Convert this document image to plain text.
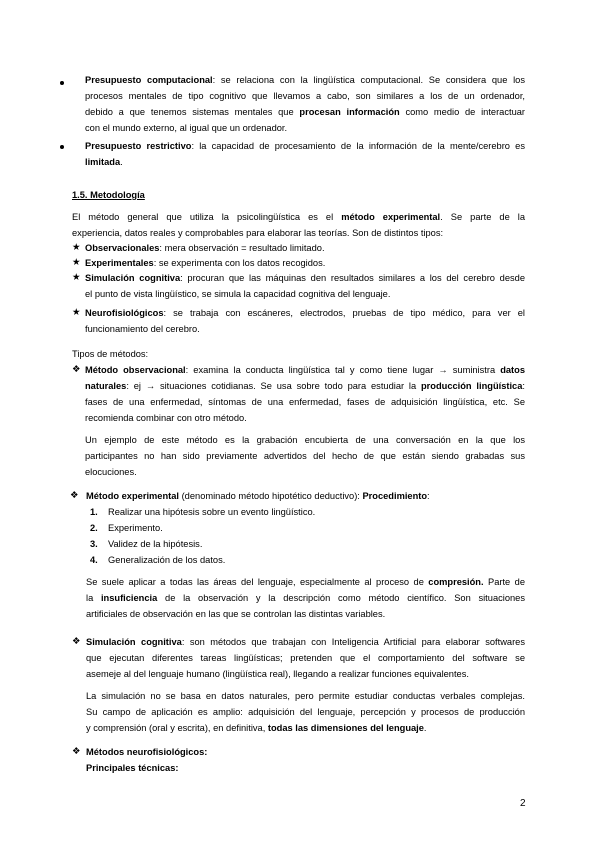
Presupuesto computacional: se relaciona con la lingüística computacional. Se considera que los
procesos mentales de tipo cognitivo que llevamos a cabo, son similares a los de un ordenador,
debido a que tenemos sistemas mentales que procesan información como medio de interactuar
con el mundo externo, al igual que un ordenador.
Presupuesto restrictivo: la capacidad de procesamiento de la información de la mente/cerebro es
limitada.
1.5. Metodología
El método general que utiliza la psicolingüística es el método experimental. Se parte de la
experiencia, datos reales y comprobables para elaborar las teorías. Son de distintos tipos:
★ Observacionales: mera observación = resultado limitado.
★ Experimentales: se experimenta con los datos recogidos.
★ Simulación cognitiva: procuran que las máquinas den resultados similares a los del cerebro desde
el punto de vista lingüístico, se simula la capacidad cognitiva del lenguaje.
★ Neurofisiológicos: se trabaja con escáneres, electrodos, pruebas de tipo médico, para ver el
funcionamiento del cerebro.
Tipos de métodos:
❖ Método observacional: examina la conducta lingüística tal y como tiene lugar → suministra datos
naturales: ej → situaciones cotidianas. Se usa sobre todo para estudiar la producción lingüística:
fases de una enfermedad, síntomas de una enfermedad, fases de adquisición lingüística, etc. Se
recomienda combinar con otro método.
Un ejemplo de este método es la grabación encubierta de una conversación en la que los
participantes no han sido previamente advertidos del hecho de que están siendo grabadas sus
elocuciones.
❖ Método experimental (denominado método hipotético deductivo): Procedimiento:
1. Realizar una hipótesis sobre un evento lingüístico.
2. Experimento.
3. Validez de la hipótesis.
4. Generalización de los datos.
Se suele aplicar a todas las áreas del lenguaje, especialmente al proceso de compresión. Parte de
la insuficiencia de la observación y la descripción como método científico. Son situaciones
artificiales de observación en las que se controlan las distintas variables.
❖ Simulación cognitiva: son métodos que trabajan con Inteligencia Artificial para elaborar softwares
que ejecutan diferentes tareas lingüísticas; pretenden que el comportamiento del software se
asemeje al del lenguaje humano (lingüística real), llegando a realizar funciones equivalentes.
La simulación no se basa en datos naturales, pero permite estudiar conductas verbales complejas.
Su campo de aplicación es amplio: adquisición del lenguaje, percepción y procesos de producción
y comprensión (oral y escrita), en definitiva, todas las dimensiones del lenguaje.
❖ Métodos neurofisiológicos:
Principales técnicas:
2
